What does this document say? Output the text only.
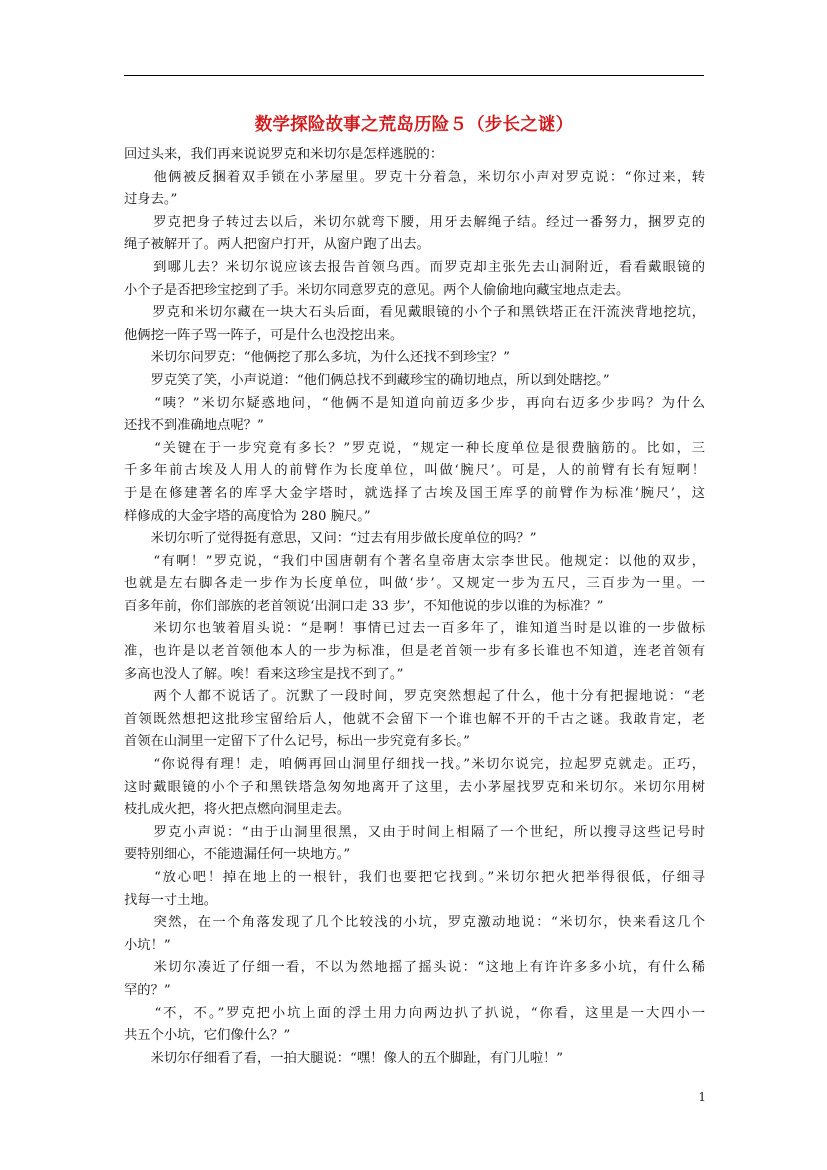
数学探险故事之荒岛历险５（步长之谜）
回过头来，我们再来说说罗克和米切尔是怎样逃脱的：
　　他俩被反捆着双手锁在小茅屋里。罗克十分着急，米切尔小声对罗克说：“你过来，转
过身去。”
　　罗克把身子转过去以后，米切尔就弯下腰，用牙去解绳子结。经过一番努力，捆罗克的
绳子被解开了。两人把窗户打开，从窗户跑了出去。
　　到哪儿去？米切尔说应该去报告首领乌西。而罗克却主张先去山洞附近，看看戴眼镜的
小个子是否把珍宝挖到了手。米切尔同意罗克的意见。两个人偷偷地向藏宝地点走去。
　　罗克和米切尔藏在一块大石头后面，看见戴眼镜的小个子和黑铁塔正在汗流浃背地挖坑，
他俩挖一阵子骂一阵子，可是什么也没挖出来。
　　米切尔问罗克：“他俩挖了那么多坑，为什么还找不到珍宝？”
　　罗克笑了笑，小声说道：“他们俩总找不到藏珍宝的确切地点，所以到处瞎挖。”
　　“咦？”米切尔疑惑地问，“他俩不是知道向前迈多少步，再向右迈多少步吗？为什么
还找不到准确地点呢？”
　　“关键在于一步究竟有多长？”罗克说，“规定一种长度单位是很费脑筋的。比如，三
千多年前古埃及人用人的前臂作为长度单位，叫做‘腕尺’。可是，人的前臂有长有短啊！
于是在修建著名的库孚大金字塔时，就选择了古埃及国王库孚的前臂作为标准‘腕尺’，这
样修成的大金字塔的高度恰为 280 腕尺。”
　　米切尔听了觉得挺有意思，又问：“过去有用步做长度单位的吗？”
　　“有啊！”罗克说，“我们中国唐朝有个著名皇帝唐太宗李世民。他规定：以他的双步，
也就是左右脚各走一步作为长度单位，叫做‘步’。又规定一步为五尺，三百步为一里。一
百多年前，你们部族的老首领说‘出洞口走 33 步’，不知他说的步以谁的为标准？”
　　米切尔也皱着眉头说：“是啊！事情已过去一百多年了，谁知道当时是以谁的一步做标
准，也许是以老首领他本人的一步为标准，但是老首领一步有多长谁也不知道，连老首领有
多高也没人了解。唉！看来这珍宝是找不到了。”
　　两个人都不说话了。沉默了一段时间，罗克突然想起了什么，他十分有把握地说：“老
首领既然想把这批珍宝留给后人，他就不会留下一个谁也解不开的千古之谜。我敢肯定，老
首领在山洞里一定留下了什么记号，标出一步究竟有多长。”
　　“你说得有理！走，咱俩再回山洞里仔细找一找。”米切尔说完，拉起罗克就走。正巧，
这时戴眼镜的小个子和黑铁塔急匆匆地离开了这里，去小茅屋找罗克和米切尔。米切尔用树
枝扎成火把，将火把点燃向洞里走去。
　　罗克小声说：“由于山洞里很黑，又由于时间上相隔了一个世纪，所以搜寻这些记号时
要特别细心，不能遗漏任何一块地方。”
　　“放心吧！掉在地上的一根针，我们也要把它找到。”米切尔把火把举得很低，仔细寻
找每一寸土地。
　　突然，在一个角落发现了几个比较浅的小坑，罗克激动地说：“米切尔，快来看这几个
小坑！”
　　米切尔凑近了仔细一看，不以为然地摇了摇头说：“这地上有许许多多小坑，有什么稀
罕的？”
　　“不，不。”罗克把小坑上面的浮土用力向两边扒了扒说，“你看，这里是一大四小一
共五个小坑，它们像什么？”
　　米切尔仔细看了看，一拍大腿说：“嘿！像人的五个脚趾，有门儿啦！”
1
